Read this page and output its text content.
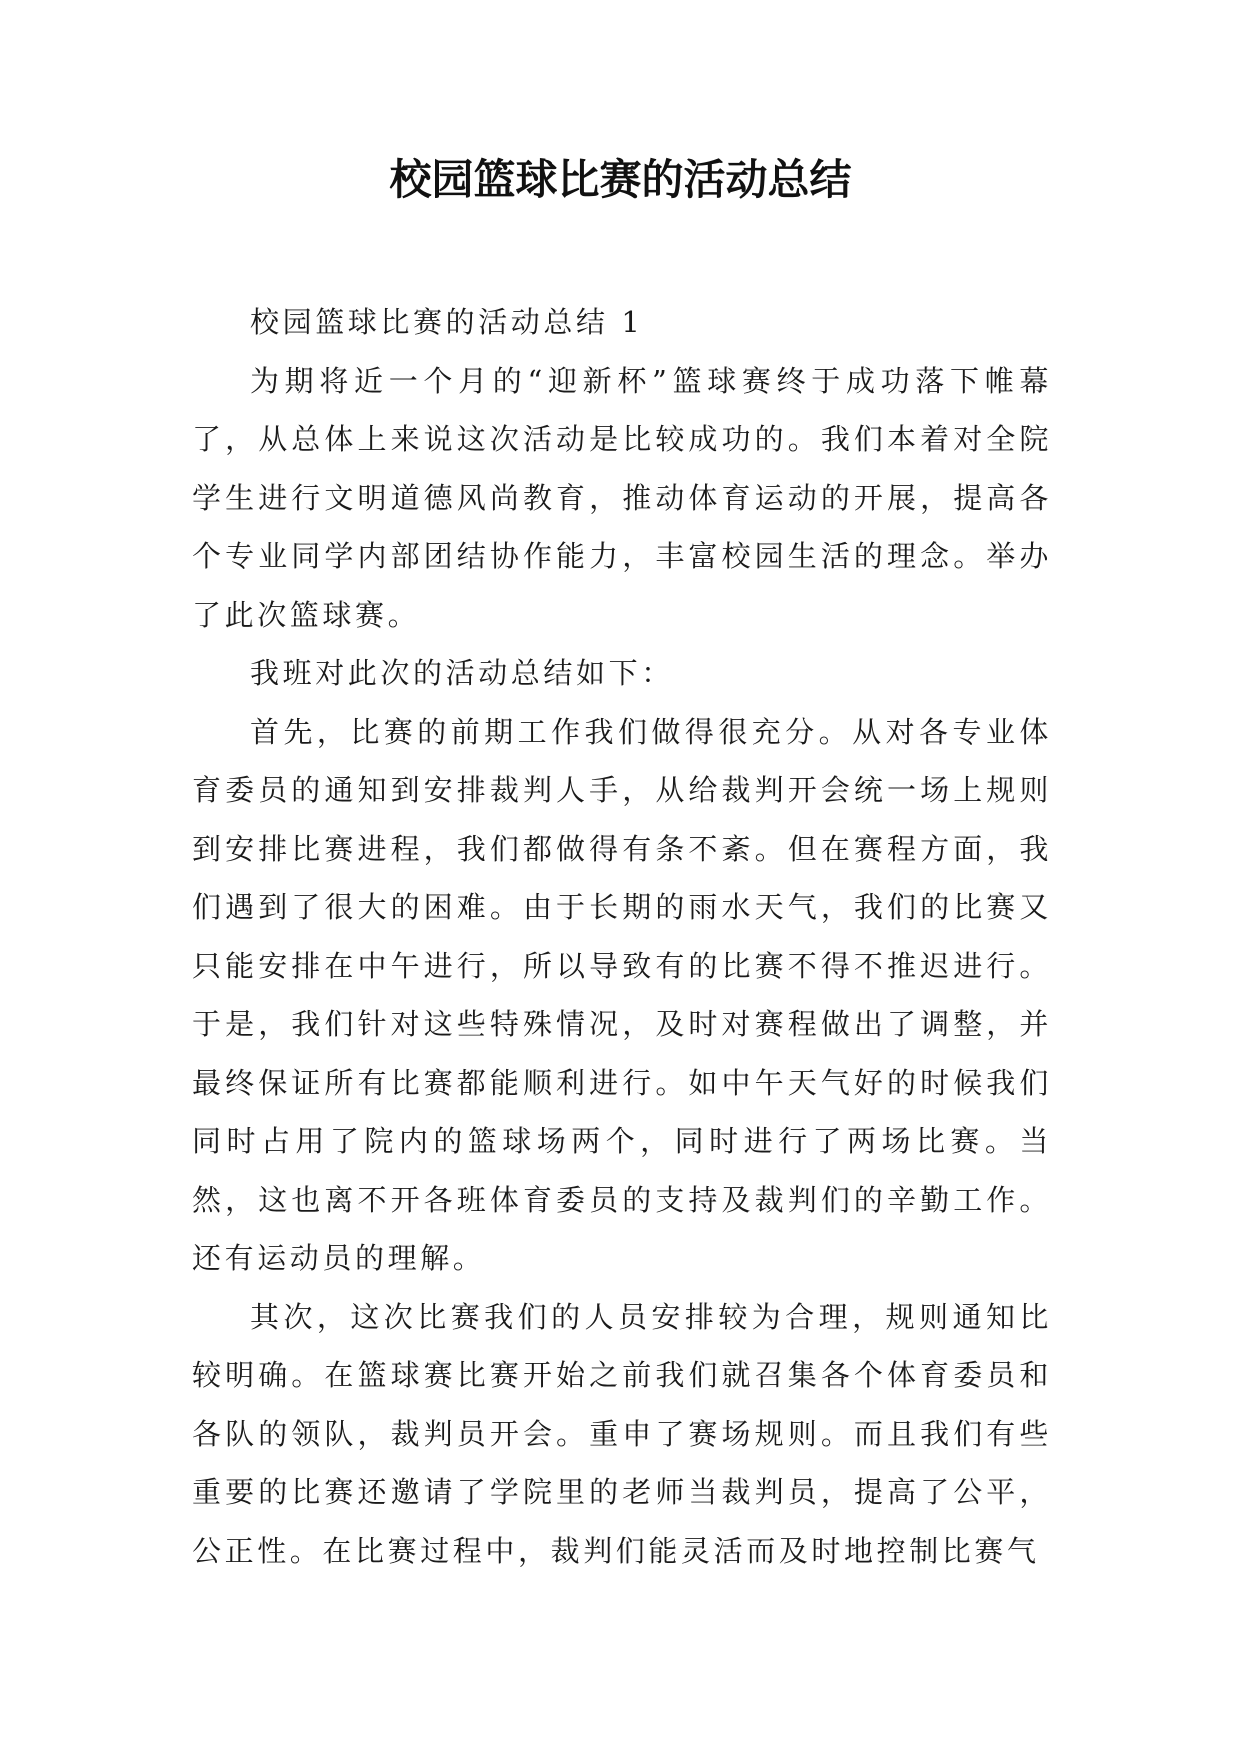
校园篮球比赛的活动总结

校园篮球比赛的活动总结 1

为期将近一个月的“迎新杯”篮球赛终于成功落下帷幕了，从总体上来说这次活动是比较成功的。我们本着对全院学生进行文明道德风尚教育，推动体育运动的开展，提高各个专业同学内部团结协作能力，丰富校园生活的理念。举办了此次篮球赛。

我班对此次的活动总结如下：

首先，比赛的前期工作我们做得很充分。从对各专业体育委员的通知到安排裁判人手，从给裁判开会统一场上规则到安排比赛进程，我们都做得有条不紊。但在赛程方面，我们遇到了很大的困难。由于长期的雨水天气，我们的比赛又只能安排在中午进行，所以导致有的比赛不得不推迟进行。于是，我们针对这些特殊情况，及时对赛程做出了调整，并最终保证所有比赛都能顺利进行。如中午天气好的时候我们同时占用了院内的篮球场两个，同时进行了两场比赛。当然，这也离不开各班体育委员的支持及裁判们的辛勤工作。还有运动员的理解。

其次，这次比赛我们的人员安排较为合理，规则通知比较明确。在篮球赛比赛开始之前我们就召集各个体育委员和各队的领队，裁判员开会。重申了赛场规则。而且我们有些重要的比赛还邀请了学院里的老师当裁判员，提高了公平，公正性。在比赛过程中，裁判们能灵活而及时地控制比赛气
